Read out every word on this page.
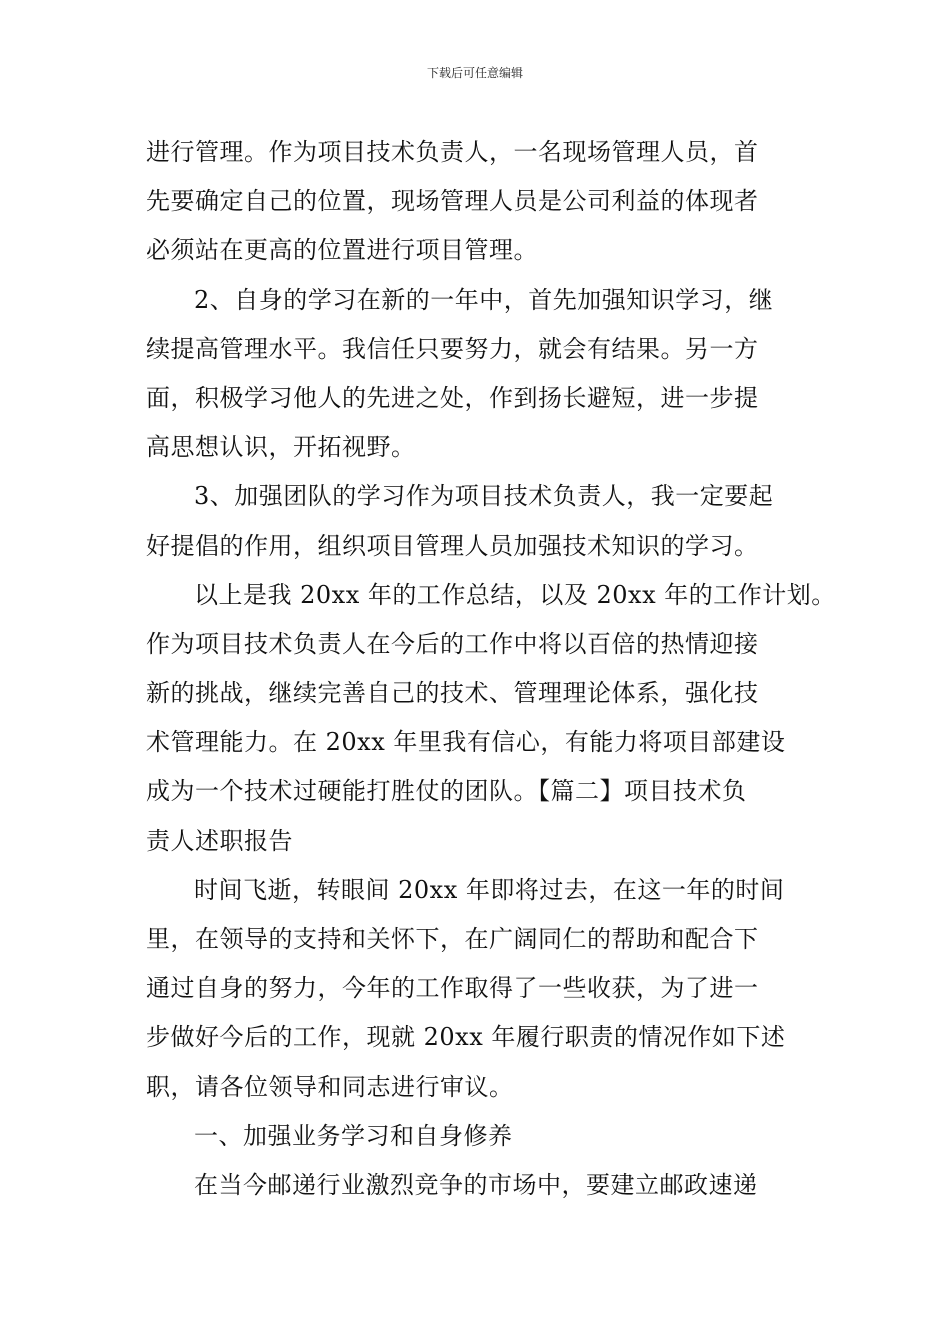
下载后可任意编辑
进行管理。作为项目技术负责人，一名现场管理人员，首
先要确定自己的位置，现场管理人员是公司利益的体现者
必须站在更高的位置进行项目管理。
2、自身的学习在新的一年中，首先加强知识学习，继
续提高管理水平。我信任只要努力，就会有结果。另一方
面，积极学习他人的先进之处，作到扬长避短，进一步提
高思想认识，开拓视野。
3、加强团队的学习作为项目技术负责人，我一定要起
好提倡的作用，组织项目管理人员加强技术知识的学习。
以上是我 20xx 年的工作总结，以及 20xx 年的工作计划。
作为项目技术负责人在今后的工作中将以百倍的热情迎接
新的挑战，继续完善自己的技术、管理理论体系，强化技
术管理能力。在 20xx 年里我有信心，有能力将项目部建设
成为一个技术过硬能打胜仗的团队。【篇二】项目技术负
责人述职报告
时间飞逝，转眼间 20xx 年即将过去，在这一年的时间
里，在领导的支持和关怀下，在广阔同仁的帮助和配合下
通过自身的努力，今年的工作取得了一些收获，为了进一
步做好今后的工作，现就 20xx 年履行职责的情况作如下述
职，请各位领导和同志进行审议。
一、加强业务学习和自身修养
在当今邮递行业激烈竞争的市场中，要建立邮政速递
